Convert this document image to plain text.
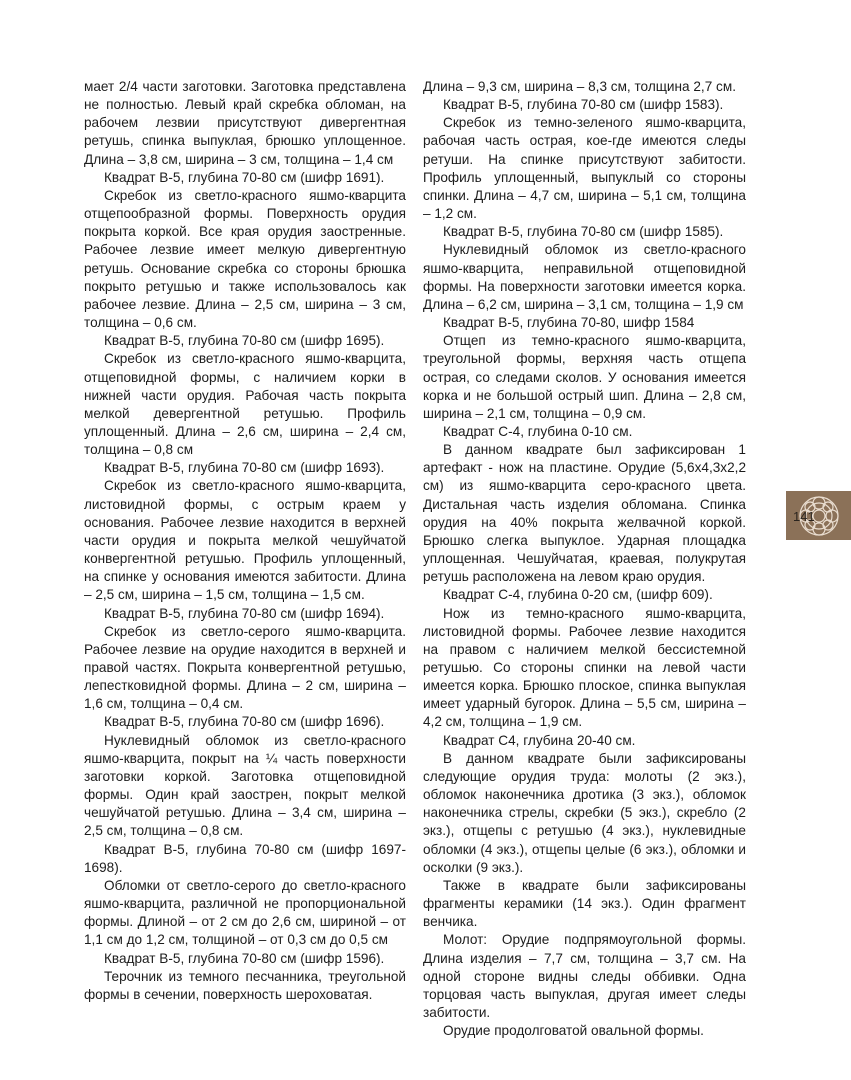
мает 2/4 части заготовки. Заготовка представлена не полностью. Левый край скребка обломан, на рабочем лезвии присутствуют дивергентная ретушь, спинка выпуклая, брюшко уплощенное. Длина – 3,8 см, ширина – 3 см, толщина – 1,4 см

Квадрат В-5, глубина 70-80 см (шифр 1691).

Скребок из светло-красного яшмо-кварцита отщепообразной формы. Поверхность орудия покрыта коркой. Все края орудия заостренные. Рабочее лезвие имеет мелкую дивергентную ретушь. Основание скребка со стороны брюшка покрыто ретушью и также использовалось как рабочее лезвие. Длина – 2,5 см, ширина – 3 см, толщина – 0,6 см.

Квадрат В-5, глубина 70-80 см (шифр 1695).

Скребок из светло-красного яшмо-кварцита, отщеповидной формы, с наличием корки в нижней части орудия. Рабочая часть покрыта мелкой девергентной ретушью. Профиль уплощенный. Длина – 2,6 см, ширина – 2,4 см, толщина – 0,8 см

Квадрат В-5, глубина 70-80 см (шифр 1693).

Скребок из светло-красного яшмо-кварцита, листовидной формы, с острым краем у основания. Рабочее лезвие находится в верхней части орудия и покрыта мелкой чешуйчатой конвергентной ретушью. Профиль уплощенный, на спинке у основания имеются забитости. Длина – 2,5 см, ширина – 1,5 см, толщина – 1,5 см.

Квадрат В-5, глубина 70-80 см (шифр 1694).

Скребок из светло-серого яшмо-кварцита. Рабочее лезвие на орудие находится в верхней и правой частях. Покрыта конвергентной ретушью, лепестковидной формы. Длина – 2 см, ширина – 1,6 см, толщина – 0,4 см.

Квадрат В-5, глубина 70-80 см (шифр 1696).

Нуклевидный обломок из светло-красного яшмо-кварцита, покрыт на ¼ часть поверхности заготовки коркой. Заготовка отщеповидной формы. Один край заострен, покрыт мелкой чешуйчатой ретушью. Длина – 3,4 см, ширина – 2,5 см, толщина – 0,8 см.

Квадрат В-5, глубина 70-80 см (шифр 1697-1698).

Обломки от светло-серого до светло-красного яшмо-кварцита, различной не пропорциональной формы. Длиной – от 2 см до 2,6 см, шириной – от 1,1 см до 1,2 см, толщиной – от 0,3 см до 0,5 см

Квадрат В-5, глубина 70-80 см (шифр 1596).

Терочник из темного песчанника, треугольной формы в сечении, поверхность шероховатая.

Длина – 9,3 см, ширина – 8,3 см, толщина 2,7 см.

Квадрат В-5, глубина 70-80 см (шифр 1583).

Скребок из темно-зеленого яшмо-кварцита, рабочая часть острая, кое-где имеются следы ретуши. На спинке присутствуют забитости. Профиль уплощенный, выпуклый со стороны спинки. Длина – 4,7 см, ширина – 5,1 см, толщина – 1,2 см.

Квадрат В-5, глубина 70-80 см (шифр 1585).

Нуклевидный обломок из светло-красного яшмо-кварцита, неправильной отщеповидной формы. На поверхности заготовки имеется корка. Длина – 6,2 см, ширина – 3,1 см, толщина – 1,9 см

Квадрат В-5, глубина 70-80, шифр 1584

Отщеп из темно-красного яшмо-кварцита, треугольной формы, верхняя часть отщепа острая, со следами сколов. У основания имеется корка и не большой острый шип. Длина – 2,8 см, ширина – 2,1 см, толщина – 0,9 см.

Квадрат С-4, глубина 0-10 см.

В данном квадрате был зафиксирован 1 артефакт - нож на пластине. Орудие (5,6х4,3х2,2 см) из яшмо-кварцита серо-красного цвета. Дистальная часть изделия обломана. Спинка орудия на 40% покрыта желвачной коркой. Брюшко слегка выпуклое. Ударная площадка уплощенная. Чешуйчатая, краевая, полукрутая ретушь расположена на левом краю орудия.

Квадрат С-4, глубина 0-20 см, (шифр 609).

Нож из темно-красного яшмо-кварцита, листовидной формы. Рабочее лезвие находится на правом с наличием мелкой бессистемной ретушью. Со стороны спинки на левой части имеется корка. Брюшко плоское, спинка выпуклая имеет ударный бугорок. Длина – 5,5 см, ширина – 4,2 см, толщина – 1,9 см.

Квадрат С4, глубина 20-40 см.

В данном квадрате были зафиксированы следующие орудия труда: молоты (2 экз.), обломок наконечника дротика (3 экз.), обломок наконечника стрелы, скребки (5 экз.), скребло (2 экз.), отщепы с ретушью (4 экз.), нуклевидные обломки (4 экз.), отщепы целые (6 экз.), обломки и осколки (9 экз.).

Также в квадрате были зафиксированы фрагменты керамики (14 экз.). Один фрагмент венчика.

Молот: Орудие подпрямоугольной формы. Длина изделия – 7,7 см, толщина – 3,7 см. На одной стороне видны следы оббивки. Одна торцовая часть выпуклая, другая имеет следы забитости.

Орудие продолговатой овальной формы.

141
